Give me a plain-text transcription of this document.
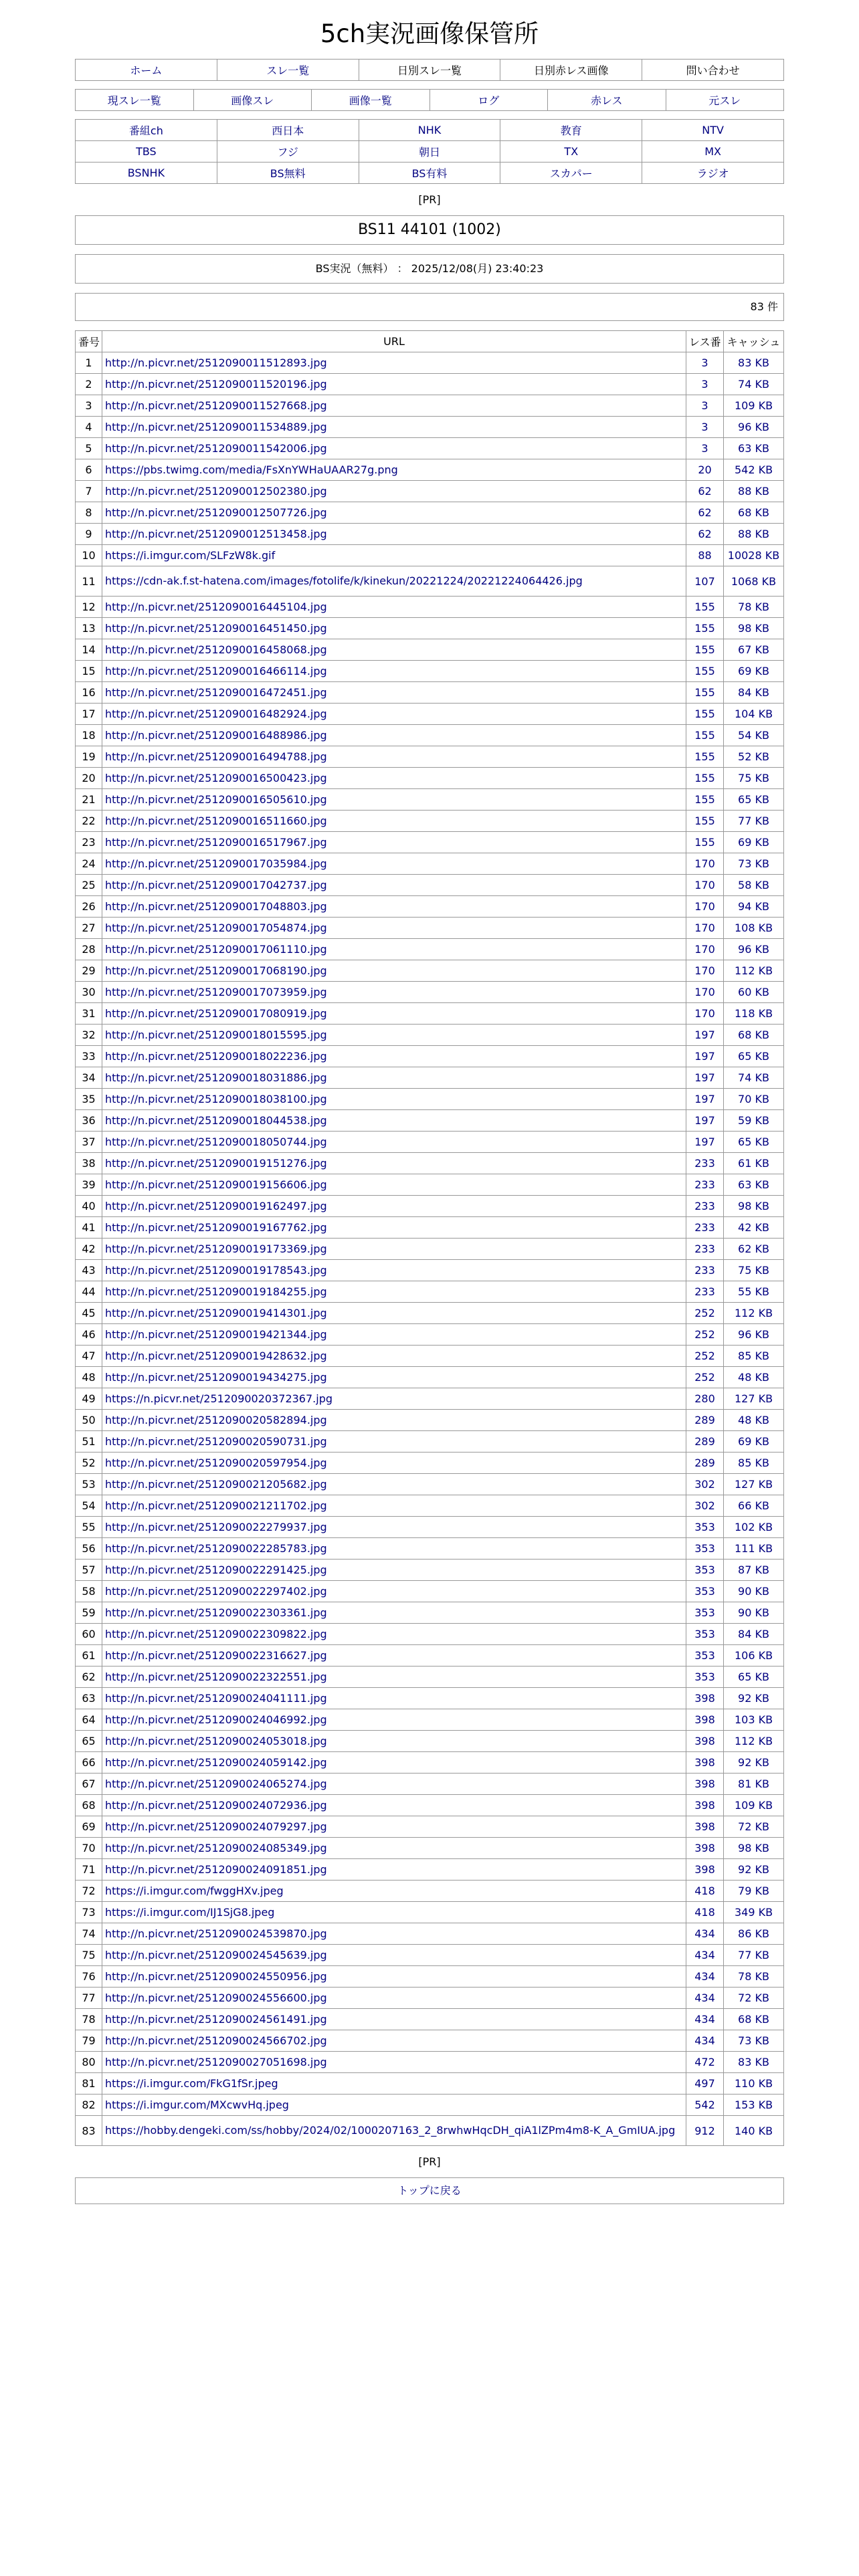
5ch実況画像保管所
ホーム	スレ一覧	日別スレ一覧	日別赤レス画像	問い合わせ
現スレ一覧	画像スレ	画像一覧	ログ	赤レス	元スレ
番組ch	西日本	NHK	教育	NTV
TBS	フジ	朝日	TX	MX
BSNHK	BS無料	BS有料	スカパー	ラジオ
[PR]
BS11 44101 (1002)
BS実況（無料） ： 2025/12/08(月) 23:40:23
83 件
番号	URL	レス番	キャッシュ
1	http://n.picvr.net/2512090011512893.jpg	3	83 KB
2	http://n.picvr.net/2512090011520196.jpg	3	74 KB
3	http://n.picvr.net/2512090011527668.jpg	3	109 KB
4	http://n.picvr.net/2512090011534889.jpg	3	96 KB
5	http://n.picvr.net/2512090011542006.jpg	3	63 KB
6	https://pbs.twimg.com/media/FsXnYWHaUAAR27g.png	20	542 KB
7	http://n.picvr.net/2512090012502380.jpg	62	88 KB
8	http://n.picvr.net/2512090012507726.jpg	62	68 KB
9	http://n.picvr.net/2512090012513458.jpg	62	88 KB
10	https://i.imgur.com/SLFzW8k.gif	88	10028 KB
11	https://cdn-ak.f.st-hatena.com/images/fotolife/k/kinekun/20221224/20221224064426.jpg	107	1068 KB
12	http://n.picvr.net/2512090016445104.jpg	155	78 KB
13	http://n.picvr.net/2512090016451450.jpg	155	98 KB
14	http://n.picvr.net/2512090016458068.jpg	155	67 KB
15	http://n.picvr.net/2512090016466114.jpg	155	69 KB
16	http://n.picvr.net/2512090016472451.jpg	155	84 KB
17	http://n.picvr.net/2512090016482924.jpg	155	104 KB
18	http://n.picvr.net/2512090016488986.jpg	155	54 KB
19	http://n.picvr.net/2512090016494788.jpg	155	52 KB
20	http://n.picvr.net/2512090016500423.jpg	155	75 KB
21	http://n.picvr.net/2512090016505610.jpg	155	65 KB
22	http://n.picvr.net/2512090016511660.jpg	155	77 KB
23	http://n.picvr.net/2512090016517967.jpg	155	69 KB
24	http://n.picvr.net/2512090017035984.jpg	170	73 KB
25	http://n.picvr.net/2512090017042737.jpg	170	58 KB
26	http://n.picvr.net/2512090017048803.jpg	170	94 KB
27	http://n.picvr.net/2512090017054874.jpg	170	108 KB
28	http://n.picvr.net/2512090017061110.jpg	170	96 KB
29	http://n.picvr.net/2512090017068190.jpg	170	112 KB
30	http://n.picvr.net/2512090017073959.jpg	170	60 KB
31	http://n.picvr.net/2512090017080919.jpg	170	118 KB
32	http://n.picvr.net/2512090018015595.jpg	197	68 KB
33	http://n.picvr.net/2512090018022236.jpg	197	65 KB
34	http://n.picvr.net/2512090018031886.jpg	197	74 KB
35	http://n.picvr.net/2512090018038100.jpg	197	70 KB
36	http://n.picvr.net/2512090018044538.jpg	197	59 KB
37	http://n.picvr.net/2512090018050744.jpg	197	65 KB
38	http://n.picvr.net/2512090019151276.jpg	233	61 KB
39	http://n.picvr.net/2512090019156606.jpg	233	63 KB
40	http://n.picvr.net/2512090019162497.jpg	233	98 KB
41	http://n.picvr.net/2512090019167762.jpg	233	42 KB
42	http://n.picvr.net/2512090019173369.jpg	233	62 KB
43	http://n.picvr.net/2512090019178543.jpg	233	75 KB
44	http://n.picvr.net/2512090019184255.jpg	233	55 KB
45	http://n.picvr.net/2512090019414301.jpg	252	112 KB
46	http://n.picvr.net/2512090019421344.jpg	252	96 KB
47	http://n.picvr.net/2512090019428632.jpg	252	85 KB
48	http://n.picvr.net/2512090019434275.jpg	252	48 KB
49	https://n.picvr.net/2512090020372367.jpg	280	127 KB
50	http://n.picvr.net/2512090020582894.jpg	289	48 KB
51	http://n.picvr.net/2512090020590731.jpg	289	69 KB
52	http://n.picvr.net/2512090020597954.jpg	289	85 KB
53	http://n.picvr.net/2512090021205682.jpg	302	127 KB
54	http://n.picvr.net/2512090021211702.jpg	302	66 KB
55	http://n.picvr.net/2512090022279937.jpg	353	102 KB
56	http://n.picvr.net/2512090022285783.jpg	353	111 KB
57	http://n.picvr.net/2512090022291425.jpg	353	87 KB
58	http://n.picvr.net/2512090022297402.jpg	353	90 KB
59	http://n.picvr.net/2512090022303361.jpg	353	90 KB
60	http://n.picvr.net/2512090022309822.jpg	353	84 KB
61	http://n.picvr.net/2512090022316627.jpg	353	106 KB
62	http://n.picvr.net/2512090022322551.jpg	353	65 KB
63	http://n.picvr.net/2512090024041111.jpg	398	92 KB
64	http://n.picvr.net/2512090024046992.jpg	398	103 KB
65	http://n.picvr.net/2512090024053018.jpg	398	112 KB
66	http://n.picvr.net/2512090024059142.jpg	398	92 KB
67	http://n.picvr.net/2512090024065274.jpg	398	81 KB
68	http://n.picvr.net/2512090024072936.jpg	398	109 KB
69	http://n.picvr.net/2512090024079297.jpg	398	72 KB
70	http://n.picvr.net/2512090024085349.jpg	398	98 KB
71	http://n.picvr.net/2512090024091851.jpg	398	92 KB
72	https://i.imgur.com/fwggHXv.jpeg	418	79 KB
73	https://i.imgur.com/IJ1SjG8.jpeg	418	349 KB
74	http://n.picvr.net/2512090024539870.jpg	434	86 KB
75	http://n.picvr.net/2512090024545639.jpg	434	77 KB
76	http://n.picvr.net/2512090024550956.jpg	434	78 KB
77	http://n.picvr.net/2512090024556600.jpg	434	72 KB
78	http://n.picvr.net/2512090024561491.jpg	434	68 KB
79	http://n.picvr.net/2512090024566702.jpg	434	73 KB
80	http://n.picvr.net/2512090027051698.jpg	472	83 KB
81	https://i.imgur.com/FkG1fSr.jpeg	497	110 KB
82	https://i.imgur.com/MXcwvHq.jpeg	542	153 KB
83	https://hobby.dengeki.com/ss/hobby/2024/02/1000207163_2_8rwhwHqcDH_qiA1lZPm4m8-K_A_GmIUA.jpg	912	140 KB
[PR]
トップに戻る
